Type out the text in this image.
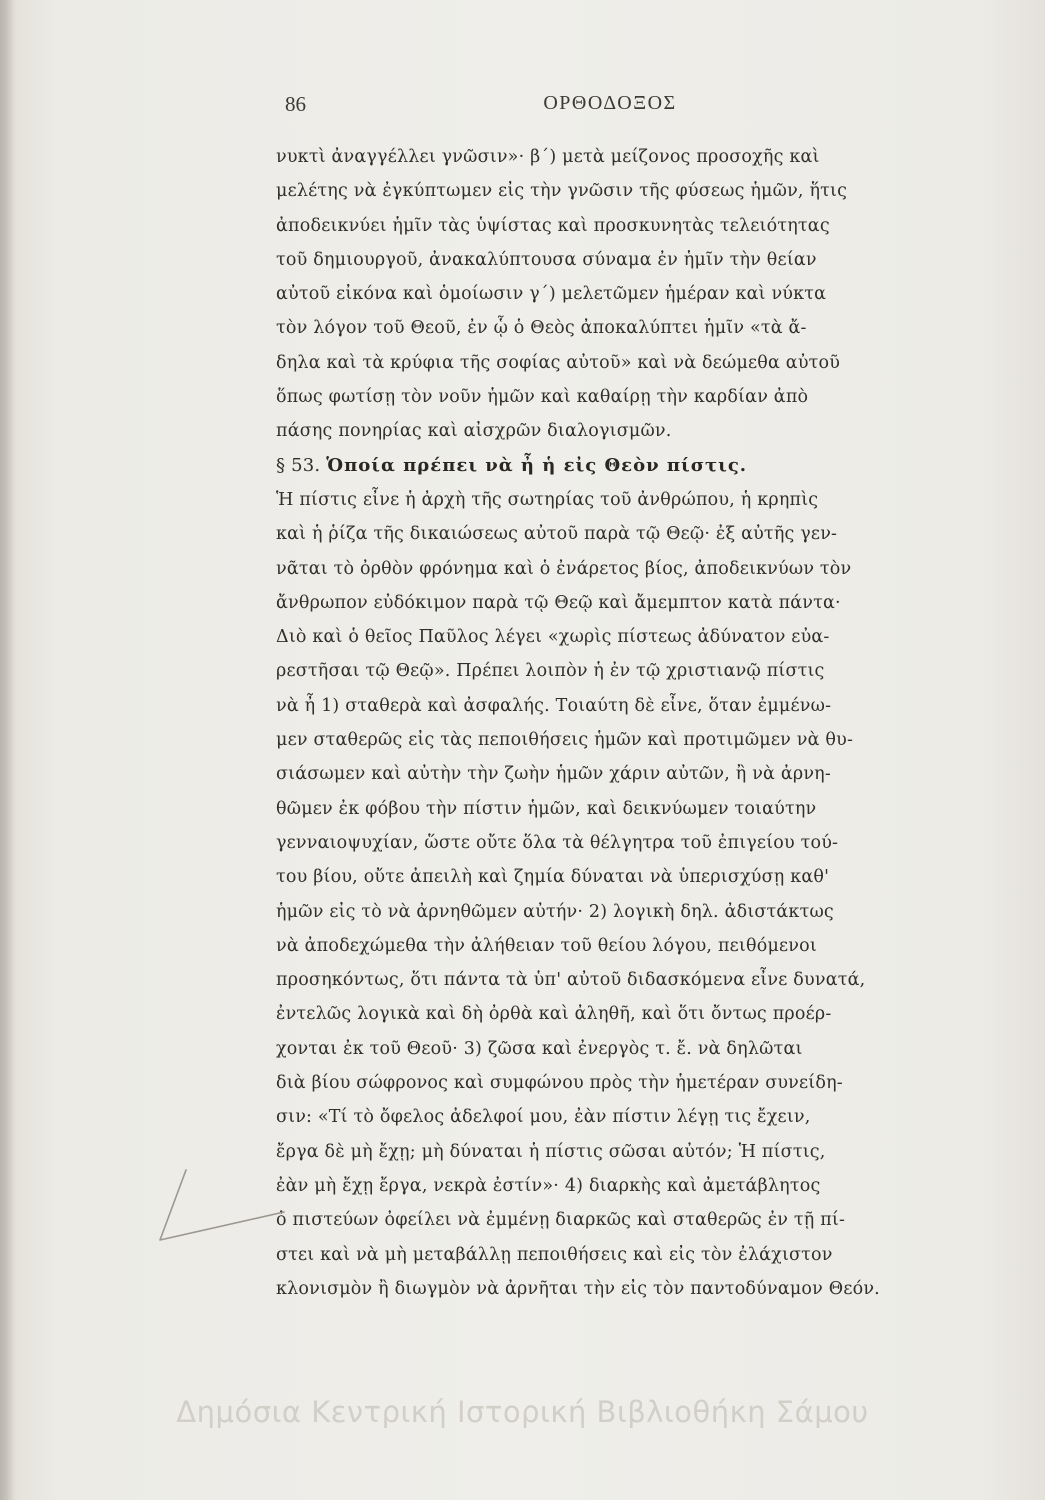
86	ΟΡΘΟΔΟΞΟΣ
νυκτὶ ἀναγγέλλει γνῶσιν»· β΄) μετὰ μείζονος προσοχῆς καὶ
μελέτης νὰ ἐγκύπτωμεν εἰς τὴν γνῶσιν τῆς φύσεως ἡμῶν, ἥτις
ἀποδεικνύει ἡμῖν τὰς ὑψίστας καὶ προσκυνητὰς τελειότητας
τοῦ δημιουργοῦ, ἀνακαλύπτουσα σύναμα ἐν ἡμῖν τὴν θείαν
αὐτοῦ εἰκόνα καὶ ὁμοίωσιν γ΄) μελετῶμεν ἡμέραν καὶ νύκτα
τὸν λόγον τοῦ Θεοῦ, ἐν ᾧ ὁ Θεὸς ἀποκαλύπτει ἡμῖν «τὰ ἄ-
δηλα καὶ τὰ κρύφια τῆς σοφίας αὐτοῦ» καὶ νὰ δεώμεθα αὐτοῦ
ὅπως φωτίσῃ τὸν νοῦν ἡμῶν καὶ καθαίρῃ τὴν καρδίαν ἀπὸ
πάσης πονηρίας καὶ αἰσχρῶν διαλογισμῶν.
§ 53. Ὁποία πρέπει νὰ ἦ ἡ εἰς Θεὸν πίστις.
Ἡ πίστις εἶνε ἡ ἀρχὴ τῆς σωτηρίας τοῦ ἀνθρώπου, ἡ κρηπὶς
καὶ ἡ ῥίζα τῆς δικαιώσεως αὐτοῦ παρὰ τῷ Θεῷ· ἐξ αὐτῆς γεν-
νᾶται τὸ ὀρθὸν φρόνημα καὶ ὁ ἐνάρετος βίος, ἀποδεικνύων τὸν
ἄνθρωπον εὐδόκιμον παρὰ τῷ Θεῷ καὶ ἄμεμπτον κατὰ πάντα·
Διὸ καὶ ὁ θεῖος Παῦλος λέγει «χωρὶς πίστεως ἀδύνατον εὐα-
ρεστῆσαι τῷ Θεῷ». Πρέπει λοιπὸν ἡ ἐν τῷ χριστιανῷ πίστις
νὰ ἦ 1) σταθερὰ καὶ ἀσφαλής. Τοιαύτη δὲ εἶνε, ὅταν ἐμμένω-
μεν σταθερῶς εἰς τὰς πεποιθήσεις ἡμῶν καὶ προτιμῶμεν νὰ θυ-
σιάσωμεν καὶ αὐτὴν τὴν ζωὴν ἡμῶν χάριν αὐτῶν, ἢ νὰ ἀρνη-
θῶμεν ἐκ φόβου τὴν πίστιν ἡμῶν, καὶ δεικνύωμεν τοιαύτην
γενναιοψυχίαν, ὥστε οὔτε ὅλα τὰ θέλγητρα τοῦ ἐπιγείου τού-
του βίου, οὔτε ἀπειλὴ καὶ ζημία δύναται νὰ ὑπερισχύσῃ καθ'
ἡμῶν εἰς τὸ νὰ ἀρνηθῶμεν αὐτήν· 2) λογικὴ δηλ. ἀδιστάκτως
νὰ ἀποδεχώμεθα τὴν ἀλήθειαν τοῦ θείου λόγου, πειθόμενοι
προσηκόντως, ὅτι πάντα τὰ ὑπ' αὐτοῦ διδασκόμενα εἶνε δυνατά,
ἐντελῶς λογικὰ καὶ δὴ ὀρθὰ καὶ ἀληθῆ, καὶ ὅτι ὄντως προέρ-
χονται ἐκ τοῦ Θεοῦ· 3) ζῶσα καὶ ἐνεργὸς τ. ἔ. νὰ δηλῶται
διὰ βίου σώφρονος καὶ συμφώνου πρὸς τὴν ἡμετέραν συνείδη-
σιν: «Τί τὸ ὄφελος ἀδελφοί μου, ἐὰν πίστιν λέγῃ τις ἔχειν,
ἔργα δὲ μὴ ἔχῃ; μὴ δύναται ἡ πίστις σῶσαι αὐτόν; Ἡ πίστις,
ἐὰν μὴ ἔχῃ ἔργα, νεκρὰ ἐστίν»· 4) διαρκὴς καὶ ἀμετάβλητος
ὁ πιστεύων ὀφείλει νὰ ἐμμένῃ διαρκῶς καὶ σταθερῶς ἐν τῇ πί-
στει καὶ νὰ μὴ μεταβάλλῃ πεποιθήσεις καὶ εἰς τὸν ἐλάχιστον
κλονισμὸν ἢ διωγμὸν νὰ ἀρνῆται τὴν εἰς τὸν παντοδύναμον Θεόν.
Δημόσια Κεντρική Ιστορική Βιβλιοθήκη Σάμου
